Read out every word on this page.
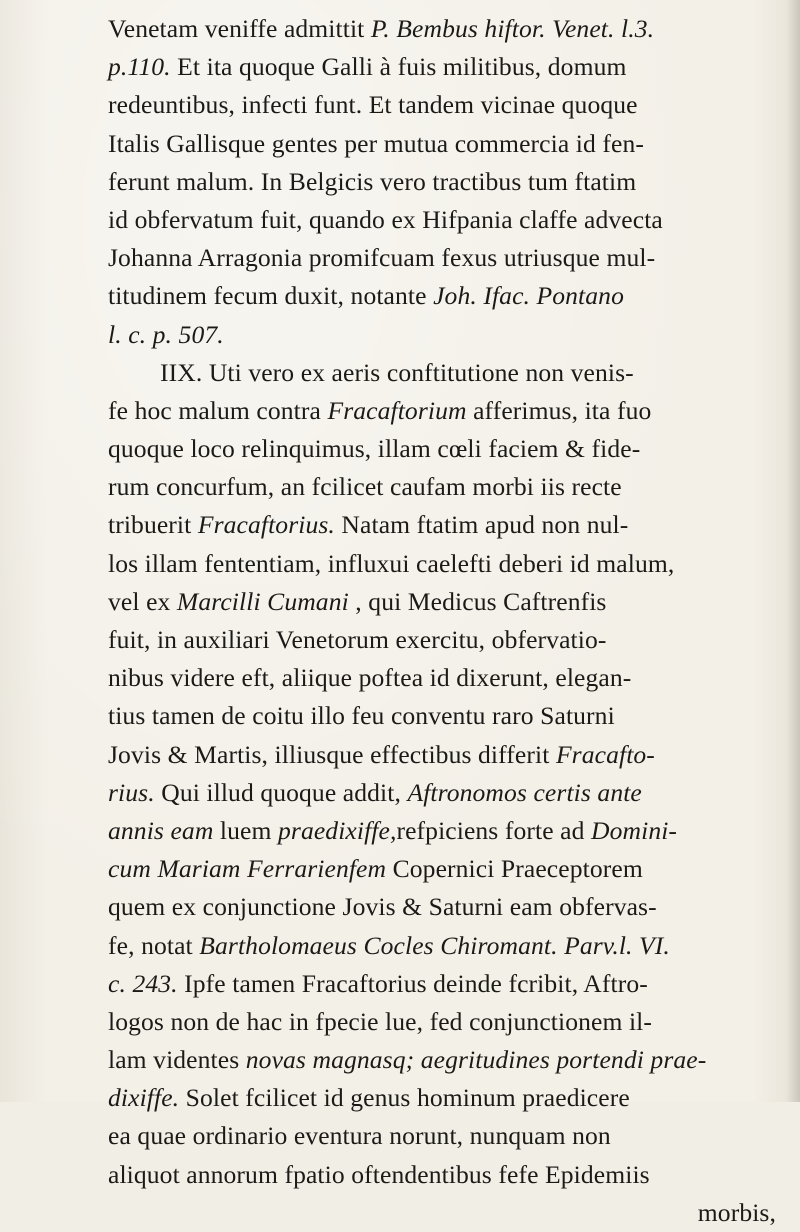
Venetam veniffe admittit P. Bembus hiftor. Venet. l.3.
p.110. Et ita quoque Galli à fuis militibus, domum
redeuntibus, infecti funt. Et tandem vicinae quoque
Italis Gallisque gentes per mutua commercia id fen-
ferunt malum. In Belgicis vero tractibus tum ftatim
id obfervatum fuit, quando ex Hifpania claffe advecta
Johanna Arragonia promifcuam fexus utriusque mul-
titudinem fecum duxit, notante Joh. Ifac. Pontano
l. c. p. 507.
IIX. Uti vero ex aeris conftitutione non venis-
fe hoc malum contra Fracaftorium afferimus, ita fuo
quoque loco relinquimus, illam cœli faciem & fide-
rum concurfum, an fcilicet caufam morbi iis recte
tribuerit Fracaftorius. Natam ftatim apud non nul-
los illam fententiam, influxui caelefti deberi id malum,
vel ex Marcilli Cumani , qui Medicus Caftrenfis
fuit, in auxiliari Venetorum exercitu, obfervatio-
nibus videre eft, aliique poftea id dixerunt, elegan-
tius tamen de coitu illo feu conventu raro Saturni
Jovis & Martis, illiusque effectibus differit Fracafto-
rius. Qui illud quoque addit, Aftronomos certis ante
annis eam luem praedixiffe,refpiciens forte ad Domini-
cum Mariam Ferrarienfem Copernici Praeceptorem
quem ex conjunctione Jovis & Saturni eam obfervas-
fe, notat Bartholomaeus Cocles Chiromant. Parv.l. VI.
c. 243. Ipfe tamen Fracaftorius deinde fcribit, Aftro-
logos non de hac in fpecie lue, fed conjunctionem il-
lam videntes novas magnasq; aegritudines portendi prae-
dixiffe. Solet fcilicet id genus hominum praedicere
ea quae ordinario eventura norunt, nunquam non
aliquot annorum fpatio oftendentibus fefe Epidemiis
morbis,
